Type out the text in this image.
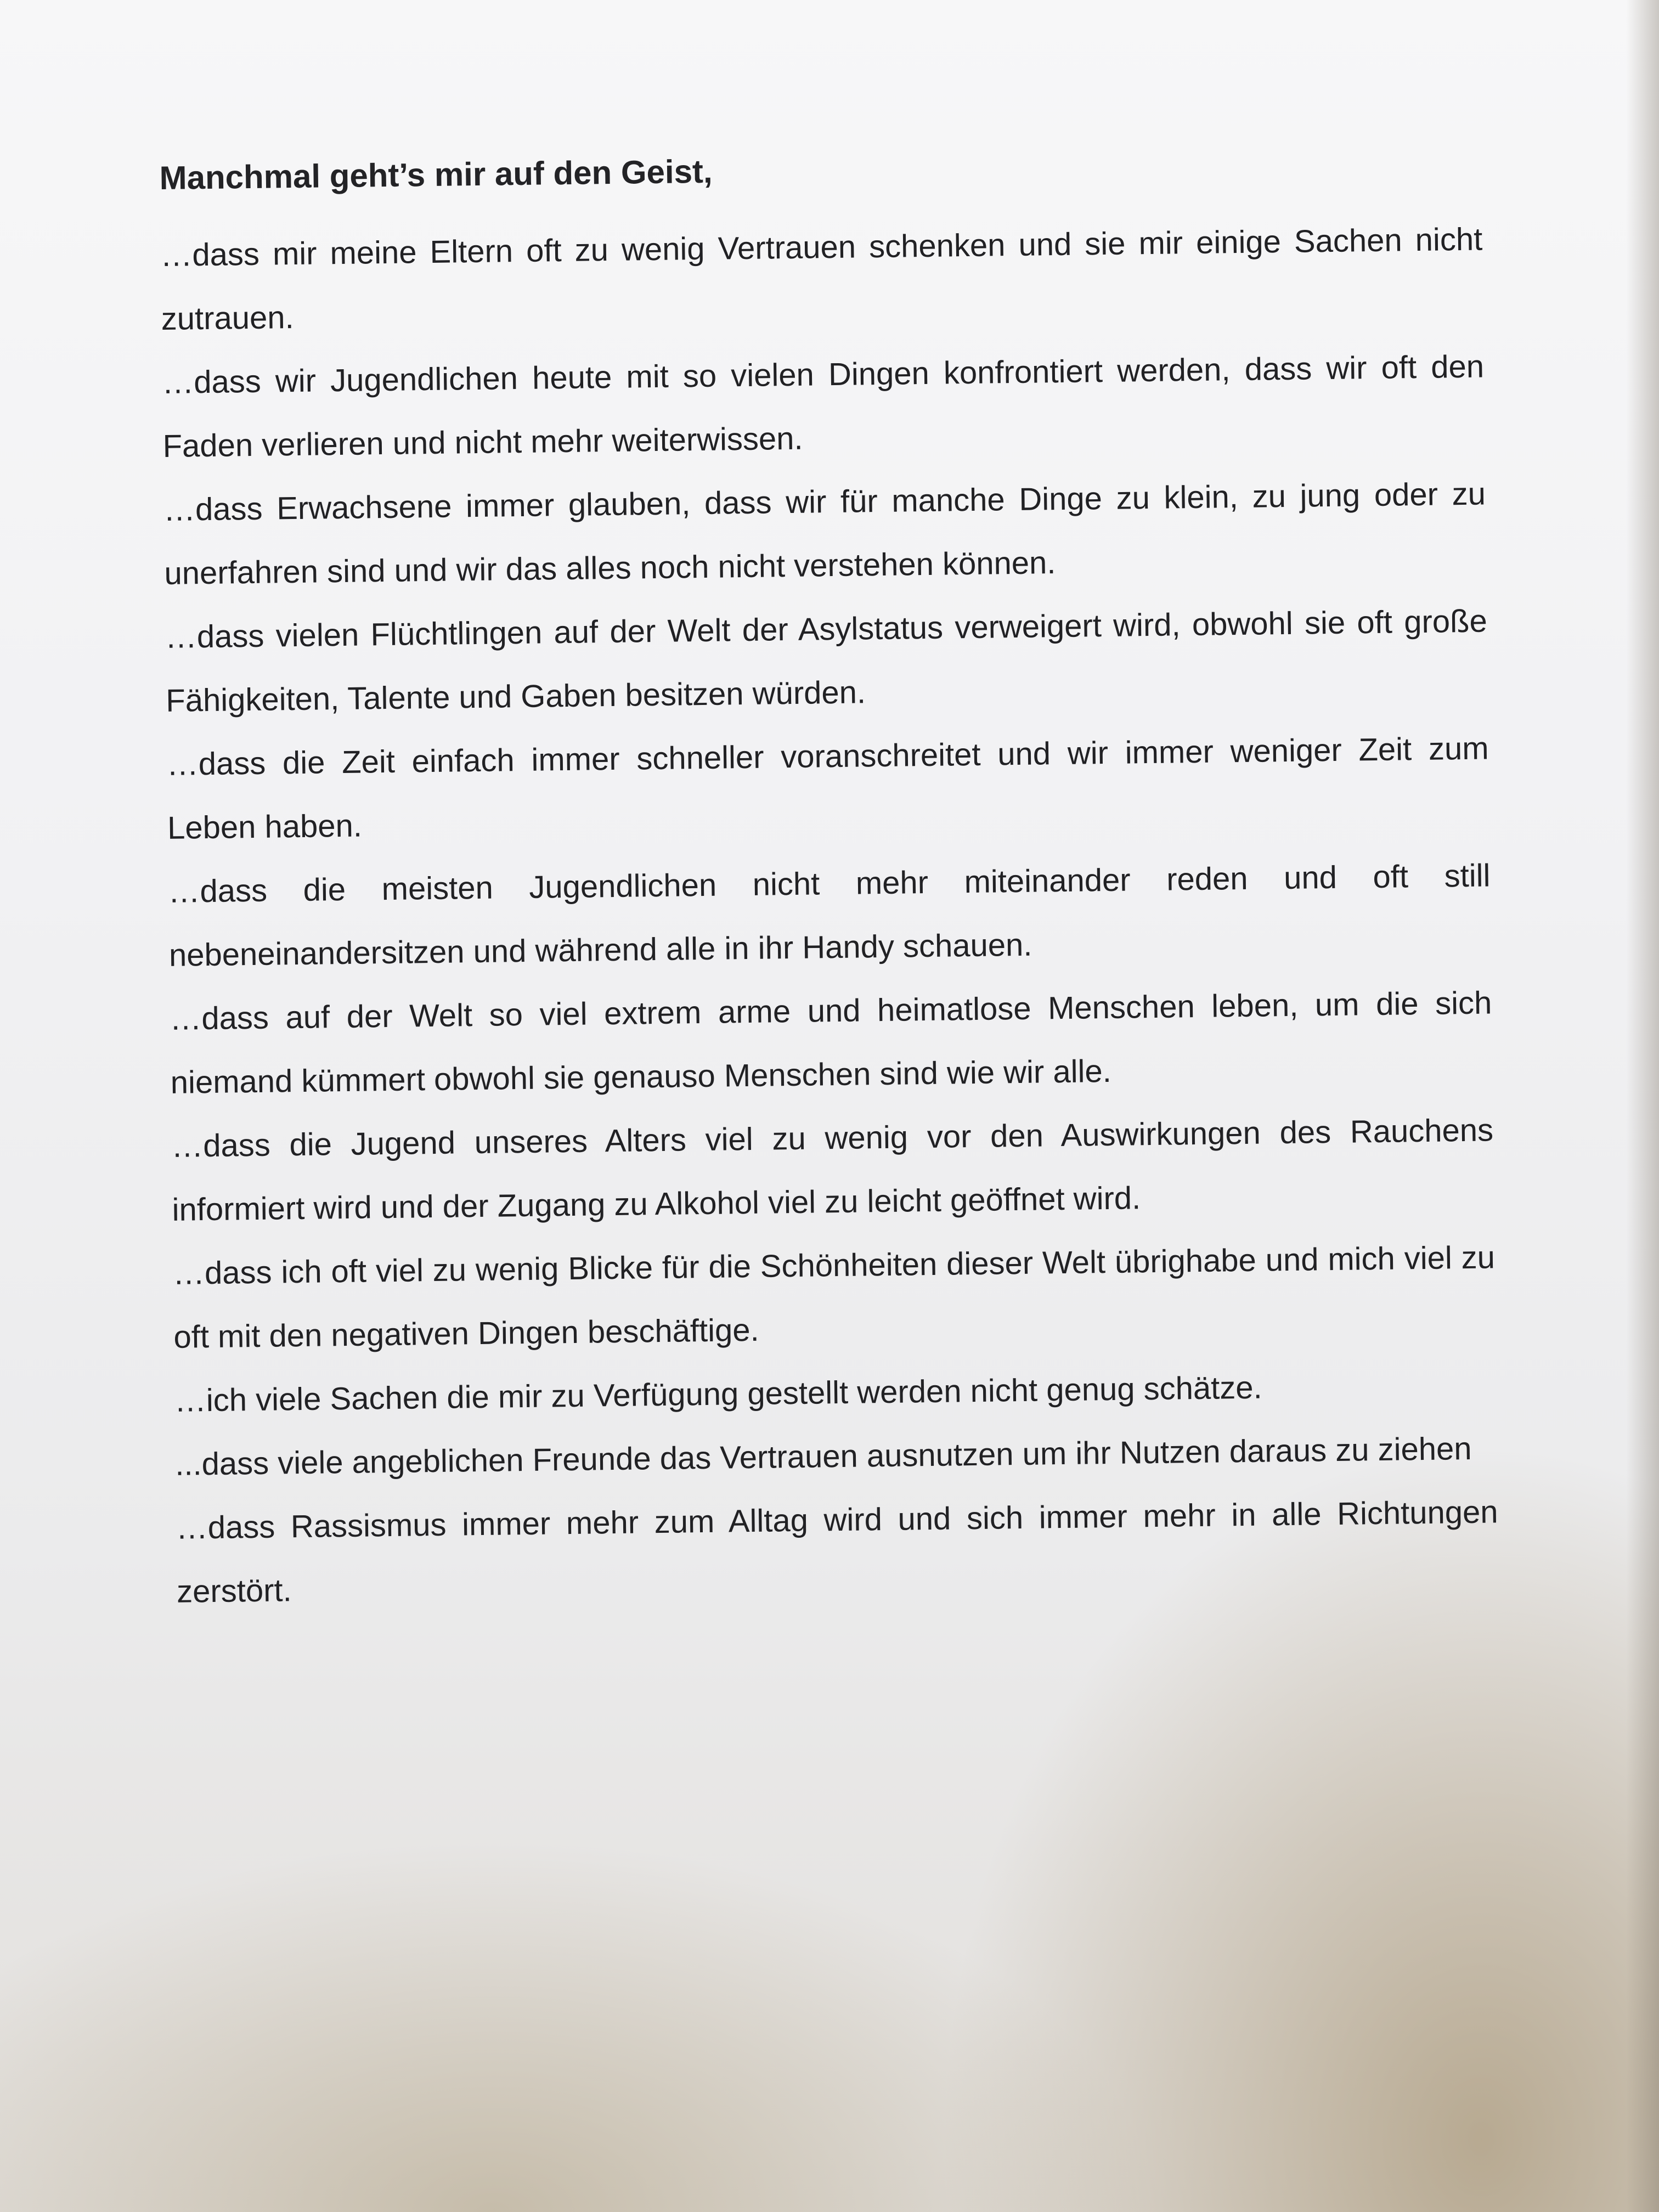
Manchmal geht’s mir auf den Geist,

…dass mir meine Eltern oft zu wenig Vertrauen schenken und sie mir einige Sachen nicht zutrauen.

…dass wir Jugendlichen heute mit so vielen Dingen konfrontiert werden, dass wir oft den Faden verlieren und nicht mehr weiterwissen.

…dass Erwachsene immer glauben, dass wir für manche Dinge zu klein, zu jung oder zu unerfahren sind und wir das alles noch nicht verstehen können.

…dass vielen Flüchtlingen auf der Welt der Asylstatus verweigert wird, obwohl sie oft große Fähigkeiten, Talente und Gaben besitzen würden.

…dass die Zeit einfach immer schneller voranschreitet und wir immer weniger Zeit zum Leben haben.

…dass die meisten Jugendlichen nicht mehr miteinander reden und oft still nebeneinandersitzen und während alle in ihr Handy schauen.

…dass auf der Welt so viel extrem arme und heimatlose Menschen leben, um die sich niemand kümmert obwohl sie genauso Menschen sind wie wir alle.

…dass die Jugend unseres Alters viel zu wenig vor den Auswirkungen des Rauchens informiert wird und der Zugang zu Alkohol viel zu leicht geöffnet wird.

…dass ich oft viel zu wenig Blicke für die Schönheiten dieser Welt übrighabe und mich viel zu oft mit den negativen Dingen beschäftige.

…ich viele Sachen die mir zu Verfügung gestellt werden nicht genug schätze.

...dass viele angeblichen Freunde das Vertrauen ausnutzen um ihr Nutzen daraus zu ziehen

…dass Rassismus immer mehr zum Alltag wird und sich immer mehr in alle Richtungen zerstört.
